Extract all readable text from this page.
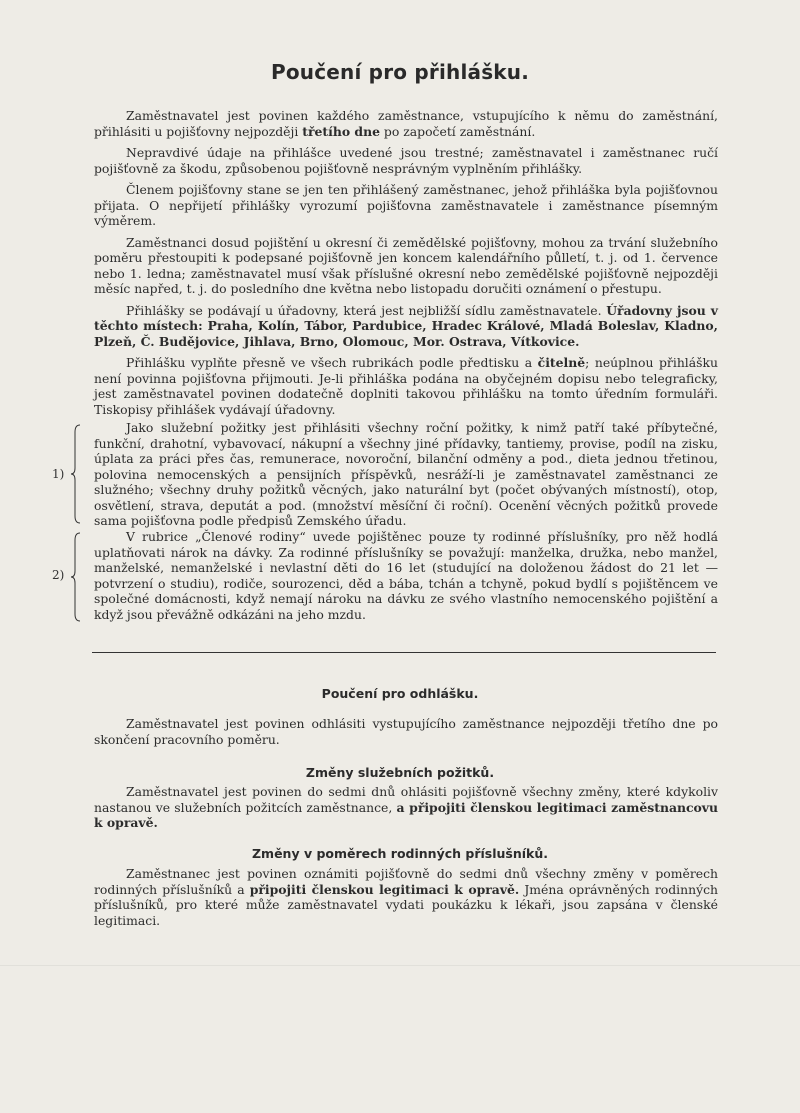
Poučení pro přihlášku.

Zaměstnavatel jest povinen každého zaměstnance, vstupujícího k němu do zaměstnání, přihlásiti u pojišťovny nejpozději třetího dne po započetí zaměstnání.

Nepravdivé údaje na přihlášce uvedené jsou trestné; zaměstnavatel i zaměstnanec ručí pojišťovně za škodu, způsobenou pojišťovně nesprávným vyplněním přihlášky.

Členem pojišťovny stane se jen ten přihlášený zaměstnanec, jehož přihláška byla pojišťovnou přijata. O nepřijetí přihlášky vyrozumí pojišťovna zaměstnavatele i zaměstnance písemným výměrem.

Zaměstnanci dosud pojištění u okresní či zemědělské pojišťovny, mohou za trvání služebního poměru přestoupiti k podepsané pojišťovně jen koncem kalendářního půlletí, t. j. od 1. července nebo 1. ledna; zaměstnavatel musí však příslušné okresní nebo zemědělské pojišťovně nejpozději měsíc napřed, t. j. do posledního dne května nebo listopadu doručiti oznámení o přestupu.

Přihlášky se podávají u úřadovny, která jest nejbližší sídlu zaměstnavatele. Úřadovny jsou v těchto místech: Praha, Kolín, Tábor, Pardubice, Hradec Králové, Mladá Boleslav, Kladno, Plzeň, Č. Budějovice, Jihlava, Brno, Olomouc, Mor. Ostrava, Vítkovice.

Přihlášku vyplňte přesně ve všech rubrikách podle předtisku a čitelně; neúplnou přihlášku není povinna pojišťovna přijmouti. Je-li přihláška podána na obyčejném dopisu nebo telegraficky, jest zaměstnavatel povinen dodatečně doplniti takovou přihlášku na tomto úředním formuláři. Tiskopisy přihlášek vydávají úřadovny.

1)

Jako služební požitky jest přihlásiti všechny roční požitky, k nimž patří také příbytečné, funkční, drahotní, vybavovací, nákupní a všechny jiné přídavky, tantiemy, provise, podíl na zisku, úplata za práci přes čas, remunerace, novoroční, bilanční odměny a pod., dieta jednou třetinou, polovina nemocenských a pensijních příspěvků, nesráží-li je zaměstnavatel zaměstnanci ze služného; všechny druhy požitků věcných, jako naturální byt (počet obývaných místností), otop, osvětlení, strava, deputát a pod. (množství měsíční či roční). Ocenění věcných požitků provede sama pojišťovna podle předpisů Zemského úřadu.

2)

V rubrice „Členové rodiny“ uvede pojištěnec pouze ty rodinné příslušníky, pro něž hodlá uplatňovati nárok na dávky. Za rodinné příslušníky se považují: manželka, družka, nebo manžel, manželské, nemanželské i nevlastní děti do 16 let (studující na doloženou žádost do 21 let — potvrzení o studiu), rodiče, sourozenci, děd a bába, tchán a tchyně, pokud bydlí s pojištěncem ve společné domácnosti, když nemají nároku na dávku ze svého vlastního nemocenského pojištění a když jsou převážně odkázáni na jeho mzdu.

Poučení pro odhlášku.

Zaměstnavatel jest povinen odhlásiti vystupujícího zaměstnance nejpozději třetího dne po skončení pracovního poměru.

Změny služebních požitků.

Zaměstnavatel jest povinen do sedmi dnů ohlásiti pojišťovně všechny změny, které kdykoliv nastanou ve služebních požitcích zaměstnance, a připojiti členskou legitimaci zaměstnancovu k opravě.

Změny v poměrech rodinných příslušníků.

Zaměstnanec jest povinen oznámiti pojišťovně do sedmi dnů všechny změny v poměrech rodinných příslušníků a připojiti členskou legitimaci k opravě. Jména oprávněných rodinných příslušníků, pro které může zaměstnavatel vydati poukázku k lékaři, jsou zapsána v členské legitimaci.
